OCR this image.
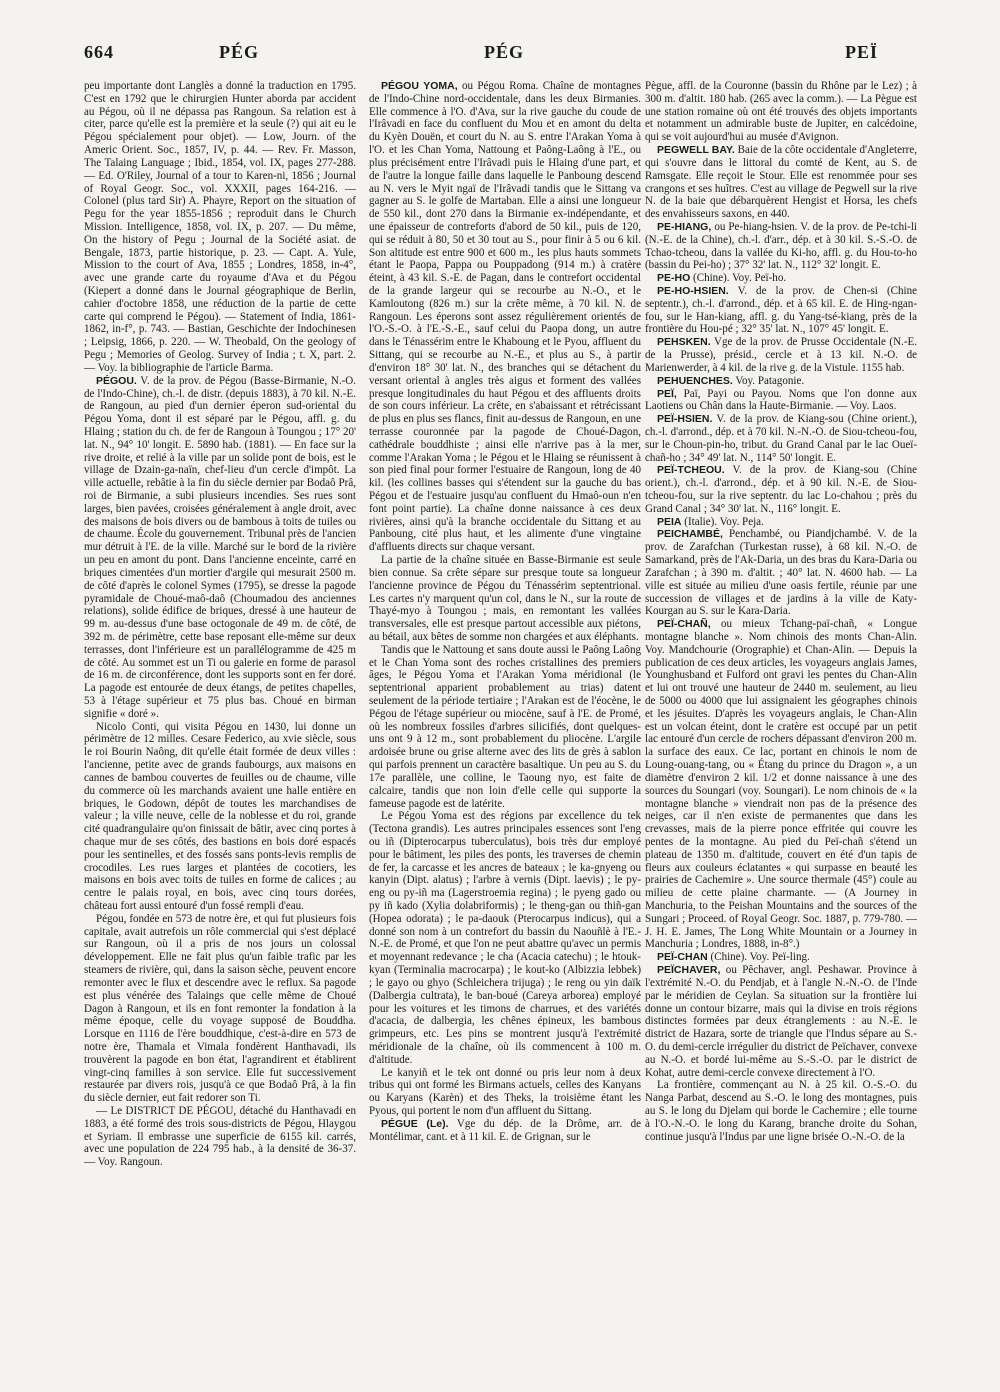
664	PÉG	PÉG	PEÏ

peu importante dont Langlès a donné la traduction en 1795. C'est en 1792 que le chirurgien Hunter aborda par accident au Pégou, où il ne dépassa pas Rangoun. Sa relation est à citer, parce qu'elle est la première et la seule (?) qui ait eu le Pégou spécialement pour objet). — Low, Journ. of the Americ Orient. Soc., 1857, IV, p. 44. — Rev. Fr. Masson, The Talaing Language ; Ibid., 1854, vol. IX, pages 277-288. — Ed. O'Riley, Journal of a tour to Karen-ni, 1856 ; Journal of Royal Geogr. Soc., vol. XXXII, pages 164-216. — Colonel (plus tard Sir) A. Phayre, Report on the situation of Pegu for the year 1855-1856 ; reproduit dans le Church Mission. Intelligence, 1858, vol. IX, p. 207. — Du même, On the history of Pegu ; Journal de la Société asiat. de Bengale, 1873, partie historique, p. 23. — Capt. A. Yule, Mission to the court of Ava, 1855 ; Londres, 1858, in-4°, avec une grande carte du royaume d'Ava et du Pégou (Kiepert a donné dans le Journal géographique de Berlin, cahier d'octobre 1858, une réduction de la partie de cette carte qui comprend le Pégou). — Statement of India, 1861-1862, in-f°, p. 743. — Bastian, Geschichte der Indochinesen ; Leipsig, 1866, p. 220. — W. Theobald, On the geology of Pegu ; Memories of Geolog. Survey of India ; t. X, part. 2. — Voy. la bibliographie de l'article Barma.

PÉGOU. V. de la prov. de Pégou (Basse-Birmanie, N.-O. de l'Indo-Chine), ch.-l. de distr. (depuis 1883), à 70 kil. N.-E. de Rangoun, au pied d'un dernier éperon sud-oriental du Pégou Yoma, dont il est séparé par le Pégou, affl. g. du Hlaing ; station du ch. de fer de Rangoun à Toungou ; 17° 20' lat. N., 94° 10' longit. E. 5890 hab. (1881). — En face sur la rive droite, et relié à la ville par un solide pont de bois, est le village de Dzain-ga-naïn, chef-lieu d'un cercle d'impôt. La ville actuelle, rebâtie à la fin du siècle dernier par Bodaô Prâ, roi de Birmanie, a subi plusieurs incendies. Ses rues sont larges, bien pavées, croisées généralement à angle droit, avec des maisons de bois divers ou de bambous à toits de tuiles ou de chaume. École du gouvernement. Tribunal près de l'ancien mur détruit à l'E. de la ville. Marché sur le bord de la rivière un peu en amont du pont. Dans l'ancienne enceinte, carré en briques cimentées d'un mortier d'argile qui mesurait 2500 m. de côté d'après le colonel Symes (1795), se dresse la pagode pyramidale de Choué-maô-daô (Choumadou des anciennes relations), solide édifice de briques, dressé à une hauteur de 99 m. au-dessus d'une base octogonale de 49 m. de côté, de 392 m. de périmètre, cette base reposant elle-même sur deux terrasses, dont l'inférieure est un parallélogramme de 425 m de côté. Au sommet est un Ti ou galerie en forme de parasol de 16 m. de circonférence, dont les supports sont en fer doré. La pagode est entourée de deux étangs, de petites chapelles, 53 à l'étage supérieur et 75 plus bas. Choué en birman signifie « doré ».

Nicolo Conti, qui visita Pégou en 1430, lui donne un périmètre de 12 milles. Cesare Federico, au xvie siècle, sous le roi Bourin Naông, dit qu'elle était formée de deux villes : l'ancienne, petite avec de grands faubourgs, aux maisons en cannes de bambou couvertes de feuilles ou de chaume, ville du commerce où les marchands avaient une halle entière en briques, le Godown, dépôt de toutes les marchandises de valeur ; la ville neuve, celle de la noblesse et du roi, grande cité quadrangulaire qu'on finissait de bâtir, avec cinq portes à chaque mur de ses côtés, des bastions en bois doré espacés pour les sentinelles, et des fossés sans ponts-levis remplis de crocodiles. Les rues larges et plantées de cocotiers, les maisons en bois avec toits de tuiles en forme de calices ; au centre le palais royal, en bois, avec cinq tours dorées, château fort aussi entouré d'un fossé rempli d'eau.

Pégou, fondée en 573 de notre ère, et qui fut plusieurs fois capitale, avait autrefois un rôle commercial qui s'est déplacé sur Rangoun, où il a pris de nos jours un colossal développement. Elle ne fait plus qu'un faible trafic par les steamers de rivière, qui, dans la saison sèche, peuvent encore remonter avec le flux et descendre avec le reflux. Sa pagode est plus vénérée des Talaings que celle même de Choué Dagon à Rangoun, et ils en font remonter la fondation à la même époque, celle du voyage supposé de Bouddha. Lorsque en 1116 de l'ère bouddhique, c'est-à-dire en 573 de notre ère, Thamala et Vimala fondèrent Hanthavadi, ils trouvèrent la pagode en bon état, l'agrandirent et établirent vingt-cinq familles à son service. Elle fut successivement restaurée par divers rois, jusqu'à ce que Bodaô Prâ, à la fin du siècle dernier, eut fait redorer son Ti.

— Le DISTRICT DE PÉGOU, détaché du Hanthavadi en 1883, a été formé des trois sous-districts de Pégou, Hlaygou et Syriam. Il embrasse une superficie de 6155 kil. carrés, avec une population de 224 795 hab., à la densité de 36-37. — Voy. Rangoun.

PÉGOU YOMA, ou Pégou Roma. Chaîne de montagnes de l'Indo-Chine nord-occidentale, dans les deux Birmanies. Elle commence à l'O. d'Ava, sur la rive gauche du coude de l'Irâvadi en face du confluent du Mou et en amont du delta du Kyèn Douën, et court du N. au S. entre l'Arakan Yoma à l'O. et les Chan Yoma, Nattoung et Paông-Laông à l'E., ou plus précisément entre l'Irâvadi puis le Hlaing d'une part, et de l'autre la longue faille dans laquelle le Panboung descend au N. vers le Myit ngaï de l'Irâvadi tandis que le Sittang va gagner au S. le golfe de Martaban. Elle a ainsi une longueur de 550 kil., dont 270 dans la Birmanie ex-indépendante, et une épaisseur de contreforts d'abord de 50 kil., puis de 120, qui se réduit à 80, 50 et 30 tout au S., pour finir à 5 ou 6 kil. Son altitude est entre 900 et 600 m., les plus hauts sommets étant le Paopa, Pappa ou Pouppadong (914 m.) à cratère éteint, à 43 kil. S.-E. de Pagan, dans le contrefort occidental de la grande largeur qui se recourbe au N.-O., et le Kamloutong (826 m.) sur la crête même, à 70 kil. N. de Rangoun. Les éperons sont assez régulièrement orientés de l'O.-S.-O. à l'E.-S.-E., sauf celui du Paopa dong, un autre dans le Ténassérim entre le Khaboung et le Pyou, affluent du Sittang, qui se recourbe au N.-E., et plus au S., à partir d'environ 18° 30' lat. N., des branches qui se détachent du versant oriental à angles très aigus et forment des vallées presque longitudinales du haut Pégou et des affluents droits de son cours inférieur. La crête, en s'abaissant et rétrécissant de plus en plus ses flancs, finit au-dessus de Rangoun, en une terrasse couronnée par la pagode de Choué-Dagon, cathédrale bouddhiste ; ainsi elle n'arrive pas à la mer, comme l'Arakan Yoma ; le Pégou et le Hlaing se réunissent à son pied final pour former l'estuaire de Rangoun, long de 40 kil. (les collines basses qui s'étendent sur la gauche du bas Pégou et de l'estuaire jusqu'au confluent du Hmaô-oun n'en font point partie). La chaîne donne naissance à ces deux rivières, ainsi qu'à la branche occidentale du Sittang et au Panboung, cité plus haut, et les alimente d'une vingtaine d'affluents directs sur chaque versant.

La partie de la chaîne située en Basse-Birmanie est seule bien connue. Sa crête sépare sur presque toute sa longueur l'ancienne province de Pégou du Ténassérim septentrional. Les cartes n'y marquent qu'un col, dans le N., sur la route de Thayé-myo à Toungou ; mais, en remontant les vallées transversales, elle est presque partout accessible aux piétons, au bétail, aux bêtes de somme non chargées et aux éléphants.

Tandis que le Nattoung et sans doute aussi le Paông Laông et le Chan Yoma sont des roches cristallines des premiers âges, le Pégou Yoma et l'Arakan Yoma méridional (le septentrional apparient probablement au trias) datent seulement de la période tertiaire ; l'Arakan est de l'éocène, le Pégou de l'étage supérieur ou miocène, sauf à l'E. de Promé, où les nombreux fossiles d'arbres silicifiés, dont quelques-uns ont 9 à 12 m., sont probablement du pliocène. L'argile ardoisée brune ou grise alterne avec des lits de grès à sablon qui parfois prennent un caractère basaltique. Un peu au S. du 17e parallèle, une colline, le Taoung nyo, est faite de calcaire, tandis que non loin d'elle celle qui supporte la fameuse pagode est de latérite.

Le Pégou Yoma est des régions par excellence du tek (Tectona grandis). Les autres principales essences sont l'eng ou iñ (Dipterocarpus tuberculatus), bois très dur employé pour le bâtiment, les piles des ponts, les traverses de chemin de fer, la carcasse et les ancres de bateaux ; le ka-gnyeng ou kanyin (Dipt. alatus) ; l'arbre à vernis (Dipt. laevis) ; le py-eng ou py-iñ ma (Lagerstroemia regina) ; le pyeng gado ou py iñ kado (Xylia dolabriformis) ; le theng-gan ou thiñ-gan (Hopea odorata) ; le pa-daouk (Pterocarpus indicus), qui a donné son nom à un contrefort du bassin du Naouñlè à l'E.-N.-E. de Promé, et que l'on ne peut abattre qu'avec un permis et moyennant redevance ; le cha (Acacia catechu) ; le htouk-kyan (Terminalia macrocarpa) ; le kout-ko (Albizzia lebbek) ; le gayo ou ghyo (Schleichera trijuga) ; le reng ou yin daïk (Dalbergia cultrata), le ban-boué (Careya arborea) employé pour les voitures et les timons de charrues, et des variétés d'acacia, de dalbergia, les chênes épineux, les bambous grimpeurs, etc. Les pins se montrent jusqu'à l'extrémité méridionale de la chaîne, où ils commencent à 100 m. d'altitude.

Le kanyiñ et le tek ont donné ou pris leur nom à deux tribus qui ont formé les Birmans actuels, celles des Kanyans ou Karyans (Karèn) et des Theks, la troisième étant les Pyous, qui portent le nom d'un affluent du Sittang.

PÉGUE (Le). Vge du dép. de la Drôme, arr. de Montélimar, cant. et à 11 kil. E. de Grignan, sur le

Pègue, affl. de la Couronne (bassin du Rhône par le Lez) ; à 300 m. d'altit. 180 hab. (265 avec la comm.). — La Pègue est une station romaine où ont été trouvés des objets importants et notamment un admirable buste de Jupiter, en calcédoine, qui se voit aujourd'hui au musée d'Avignon.

PEGWELL BAY. Baie de la côte occidentale d'Angleterre, qui s'ouvre dans le littoral du comté de Kent, au S. de Ramsgate. Elle reçoit le Stour. Elle est renommée pour ses crangons et ses huîtres. C'est au village de Pegwell sur la rive N. de la baie que débarquèrent Hengist et Horsa, les chefs des envahisseurs saxons, en 440.

PE-HIANG, ou Pe-hiang-hsien. V. de la prov. de Pe-tchi-li (N.-E. de la Chine), ch.-l. d'arr., dép. et à 30 kil. S.-S.-O. de Tchao-tcheou, dans la vallée du Ki-ho, affl. g. du Hou-to-ho (bassin du Pei-ho) ; 37° 32' lat. N., 112° 32' longit. E.

PE-HO (Chine). Voy. Peï-ho.

PE-HO-HSIEN. V. de la prov. de Chen-si (Chine septentr.), ch.-l. d'arrond., dép. et à 65 kil. E. de Hing-ngan-fou, sur le Han-kiang, affl. g. du Yang-tsé-kiang, près de la frontière du Hou-pé ; 32° 35' lat. N., 107° 45' longit. E.

PEHSKEN. Vge de la prov. de Prusse Occidentale (N.-E. de la Prusse), présid., cercle et à 13 kil. N.-O. de Marienwerder, à 4 kil. de la rive g. de la Vistule. 1155 hab.

PEHUENCHES. Voy. Patagonie.

PEÏ, Paï, Payi ou Payou. Noms que l'on donne aux Laotiens ou Chân dans la Haute-Birmanie. — Voy. Laos.

PEÏ-HSIEN. V. de la prov. de Kiang-sou (Chine orient.), ch.-l. d'arrond., dép. et à 70 kil. N.-N.-O. de Siou-tcheou-fou, sur le Choun-pin-ho, tribut. du Grand Canal par le lac Oueï-chañ-ho ; 34° 49' lat. N., 114° 50' longit. E.

PEÏ-TCHEOU. V. de la prov. de Kiang-sou (Chine orient.), ch.-l. d'arrond., dép. et à 90 kil. N.-E. de Siou-tcheou-fou, sur la rive septentr. du lac Lo-chahou ; près du Grand Canal ; 34° 30' lat. N., 116° longit. E.

PEIA (Italie). Voy. Peja.

PEICHAMBÉ, Penchambé, ou Piandjchambé. V. de la prov. de Zarafchan (Turkestan russe), à 68 kil. N.-O. de Samarkand, près de l'Ak-Daria, un des bras du Kara-Daria ou Zarafchan ; à 390 m. d'altit. ; 40° lat. N. 4600 hab. — La ville est située au milieu d'une oasis fertile, réunie par une succession de villages et de jardins à la ville de Katy-Kourgan au S. sur le Kara-Daria.

PEÏ-CHAÑ, ou mieux Tchang-paï-chañ, « Longue montagne blanche ». Nom chinois des monts Chan-Alin. Voy. Mandchourie (Orographie) et Chan-Alin. — Depuis la publication de ces deux articles, les voyageurs anglais James, Younghusband et Fulford ont gravi les pentes du Chan-Alin et lui ont trouvé une hauteur de 2440 m. seulement, au lieu de 5000 ou 4000 que lui assignaient les géographes chinois et les jésuites. D'après les voyageurs anglais, le Chan-Alin est un volcan éteint, dont le cratère est occupé par un petit lac entouré d'un cercle de rochers dépassant d'environ 200 m. la surface des eaux. Ce lac, portant en chinois le nom de Loung-ouang-tang, ou « Étang du prince du Dragon », a un diamètre d'environ 2 kil. 1/2 et donne naissance à une des sources du Soungari (voy. Soungari). Le nom chinois de « la montagne blanche » viendrait non pas de la présence des neiges, car il n'en existe de permanentes que dans les crevasses, mais de la pierre ponce effritée qui couvre les pentes de la montagne. Au pied du Peï-chañ s'étend un plateau de 1350 m. d'altitude, couvert en été d'un tapis de fleurs aux couleurs éclatantes « qui surpasse en beauté les prairies de Cachemire ». Une source thermale (45°) coule au milieu de cette plaine charmante. — (A Journey in Manchuria, to the Peishan Mountains and the sources of the Sungari ; Proceed. of Royal Geogr. Soc. 1887, p. 779-780. — J. H. E. James, The Long White Mountain or a Journey in Manchuria ; Londres, 1888, in-8°.)

PEÏ-CHAN (Chine). Voy. Peï-ling.

PEÏCHAVER, ou Pêchaver, angl. Peshawar. Province à l'extrémité N.-O. du Pendjab, et à l'angle N.-N.-O. de l'Inde par le méridien de Ceylan. Sa situation sur la frontière lui donne un contour bizarre, mais qui la divise en trois régions distinctes formées par deux étranglements : au N.-E. le district de Hazara, sorte de triangle que l'Indus sépare au S.-O. du demi-cercle irrégulier du district de Peïchaver, convexe au N.-O. et bordé lui-même au S.-S.-O. par le district de Kohat, autre demi-cercle convexe directement à l'O.

La frontière, commençant au N. à 25 kil. O.-S.-O. du Nanga Parbat, descend au S.-O. le long des montagnes, puis au S. le long du Djelam qui borde le Cachemire ; elle tourne à l'O.-N.-O. le long du Karang, branche droite du Sohan, continue jusqu'à l'Indus par une ligne brisée O.-N.-O. de la
